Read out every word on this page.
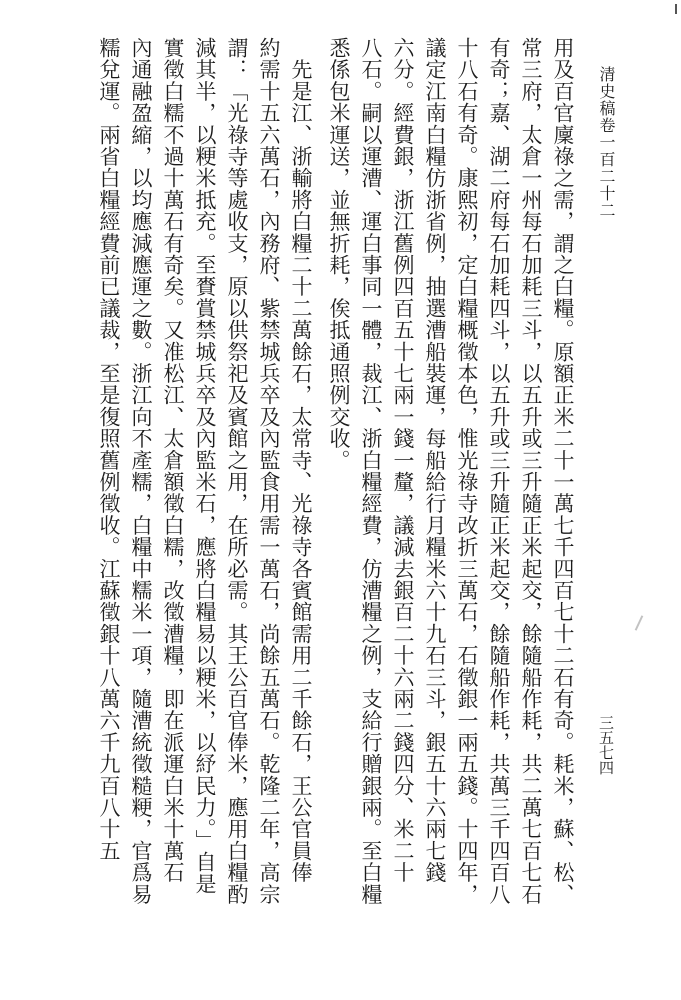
清史稿卷一百二十二
三五七四
用及百官廩祿之需，謂之白糧。原額正米二十一萬七千四百七十二石有奇。耗米，蘇、松、
常三府，太倉一州每石加耗三斗，以五升或三升隨正米起交，餘隨船作耗，共二萬七百七石
有奇；嘉、湖二府每石加耗四斗，以五升或三升隨正米起交，餘隨船作耗，共萬三千四百八
十八石有奇。康熙初，定白糧概徵本色，惟光祿寺改折三萬石，石徵銀一兩五錢。十四年，
議定江南白糧仿浙省例，抽選漕船裝運，每船給行月糧米六十九石三斗，銀五十六兩七錢
六分。經費銀，浙江舊例四百五十七兩一錢一釐，議減去銀百二十六兩二錢四分、米二十
八石。嗣以運漕、運白事同一體，裁江、浙白糧經費，仿漕糧之例，支給行贈銀兩。至白糧
悉係包米運送，並無折耗，俟抵通照例交收。
　先是江、浙輸將白糧二十二萬餘石，太常寺、光祿寺各賓館需用二千餘石，王公官員俸
約需十五六萬石，內務府、紫禁城兵卒及內監食用需一萬石，尚餘五萬石。乾隆二年，高宗
謂：「光祿寺等處收支，原以供祭祀及賓館之用，在所必需。其王公百官俸米，應用白糧酌
減其半，以粳米抵充。至賚賞禁城兵卒及內監米石，應將白糧易以粳米，以紓民力。」自是
實徵白糯不過十萬石有奇矣。又准松江、太倉額徵白糯，改徵漕糧，即在派運白米十萬石
內通融盈縮，以均應減應運之數。浙江向不產糯，白糧中糯米一項，隨漕統徵糙粳，官爲易
糯兌運。兩省白糧經費前已議裁，至是復照舊例徵收。江蘇徵銀十八萬六千九百八十五
